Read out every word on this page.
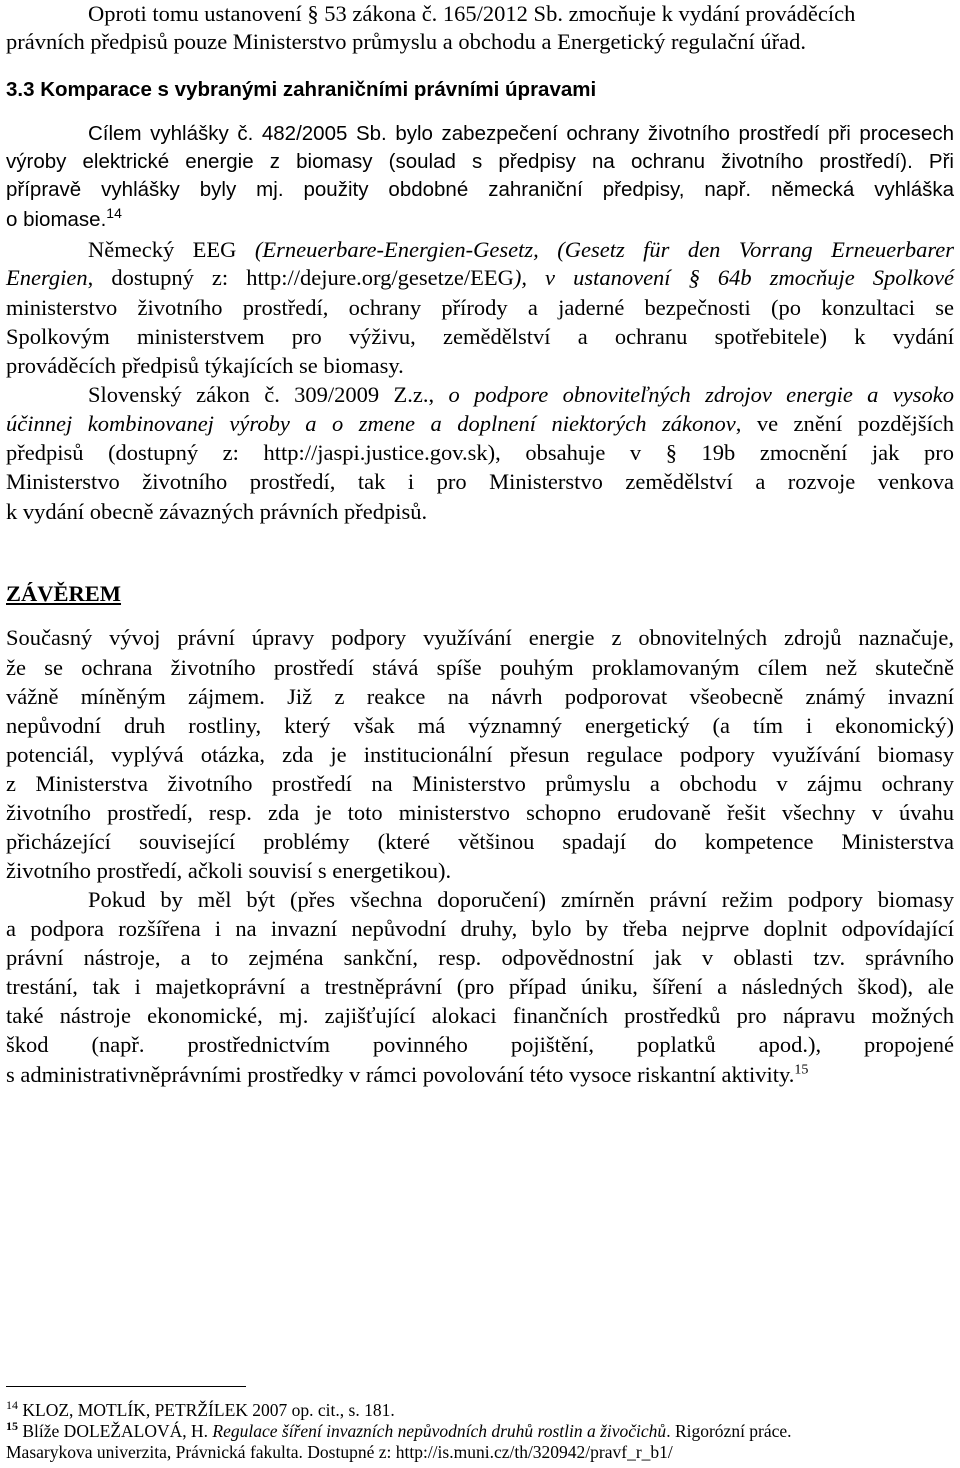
Oproti tomu ustanovení § 53 zákona č. 165/2012 Sb. zmocňuje k vydání prováděcích
právních předpisů pouze Ministerstvo průmyslu a obchodu a Energetický regulační úřad.
3.3 Komparace s vybranými zahraničními právními úpravami
Cílem vyhlášky č. 482/2005 Sb. bylo zabezpečení ochrany životního prostředí při procesech
výroby elektrické energie z biomasy (soulad s předpisy na ochranu životního prostředí). Při
přípravě vyhlášky byly mj. použity obdobné zahraniční předpisy, např. německá vyhláška
o biomase.$^{14}$
Německý EEG (Erneuerbare-Energien-Gesetz, (Gesetz für den Vorrang Erneuerbarer
Energien, dostupný z: http://dejure.org/gesetze/EEG), v ustanovení § 64b zmocňuje Spolkové
ministerstvo životního prostředí, ochrany přírody a jaderné bezpečnosti (po konzultaci se
Spolkovým ministerstvem pro výživu, zemědělství a ochranu spotřebitele) k vydání
prováděcích předpisů týkajících se biomasy.
Slovenský zákon č. 309/2009 Z.z., o podpore obnoviteľných zdrojov energie a vysoko
účinnej kombinovanej výroby a o zmene a doplnení niektorých zákonov, ve znění pozdějších
předpisů (dostupný z: http://jaspi.justice.gov.sk), obsahuje v § 19b zmocnění jak pro
Ministerstvo životního prostředí, tak i pro Ministerstvo zemědělství a rozvoje venkova
k vydání obecně závazných právních předpisů.
ZÁVĚREM
Současný vývoj právní úpravy podpory využívání energie z obnovitelných zdrojů naznačuje,
že se ochrana životního prostředí stává spíše pouhým proklamovaným cílem než skutečně
vážně míněným zájmem. Již z reakce na návrh podporovat všeobecně známý invazní
nepůvodní druh rostliny, který však má významný energetický (a tím i ekonomický)
potenciál, vyplývá otázka, zda je institucionální přesun regulace podpory využívání biomasy
z Ministerstva životního prostředí na Ministerstvo průmyslu a obchodu v zájmu ochrany
životního prostředí, resp. zda je toto ministerstvo schopno erudovaně řešit všechny v úvahu
přicházející související problémy (které většinou spadají do kompetence Ministerstva
životního prostředí, ačkoli souvisí s energetikou).
Pokud by měl být (přes všechna doporučení) zmírněn právní režim podpory biomasy
a podpora rozšířena i na invazní nepůvodní druhy, bylo by třeba nejprve doplnit odpovídající
právní nástroje, a to zejména sankční, resp. odpovědnostní jak v oblasti tzv. správního
trestání, tak i majetkoprávní a trestněprávní (pro případ úniku, šíření a následných škod), ale
také nástroje ekonomické, mj. zajišťující alokaci finančních prostředků pro nápravu možných
škod (např. prostřednictvím povinného pojištění, poplatků apod.), propojené
s administrativněprávními prostředky v rámci povolování této vysoce riskantní aktivity.$^{15}$
$^{14}$ KLOZ, MOTLÍK, PETRŽÍLEK 2007 op. cit., s. 181.
$^{15}$ Blíže DOLEŽALOVÁ, H. Regulace šíření invazních nepůvodních druhů rostlin a živočichů. Rigorózní práce.
Masarykova univerzita, Právnická fakulta. Dostupné z: http://is.muni.cz/th/320942/pravf_r_b1/
